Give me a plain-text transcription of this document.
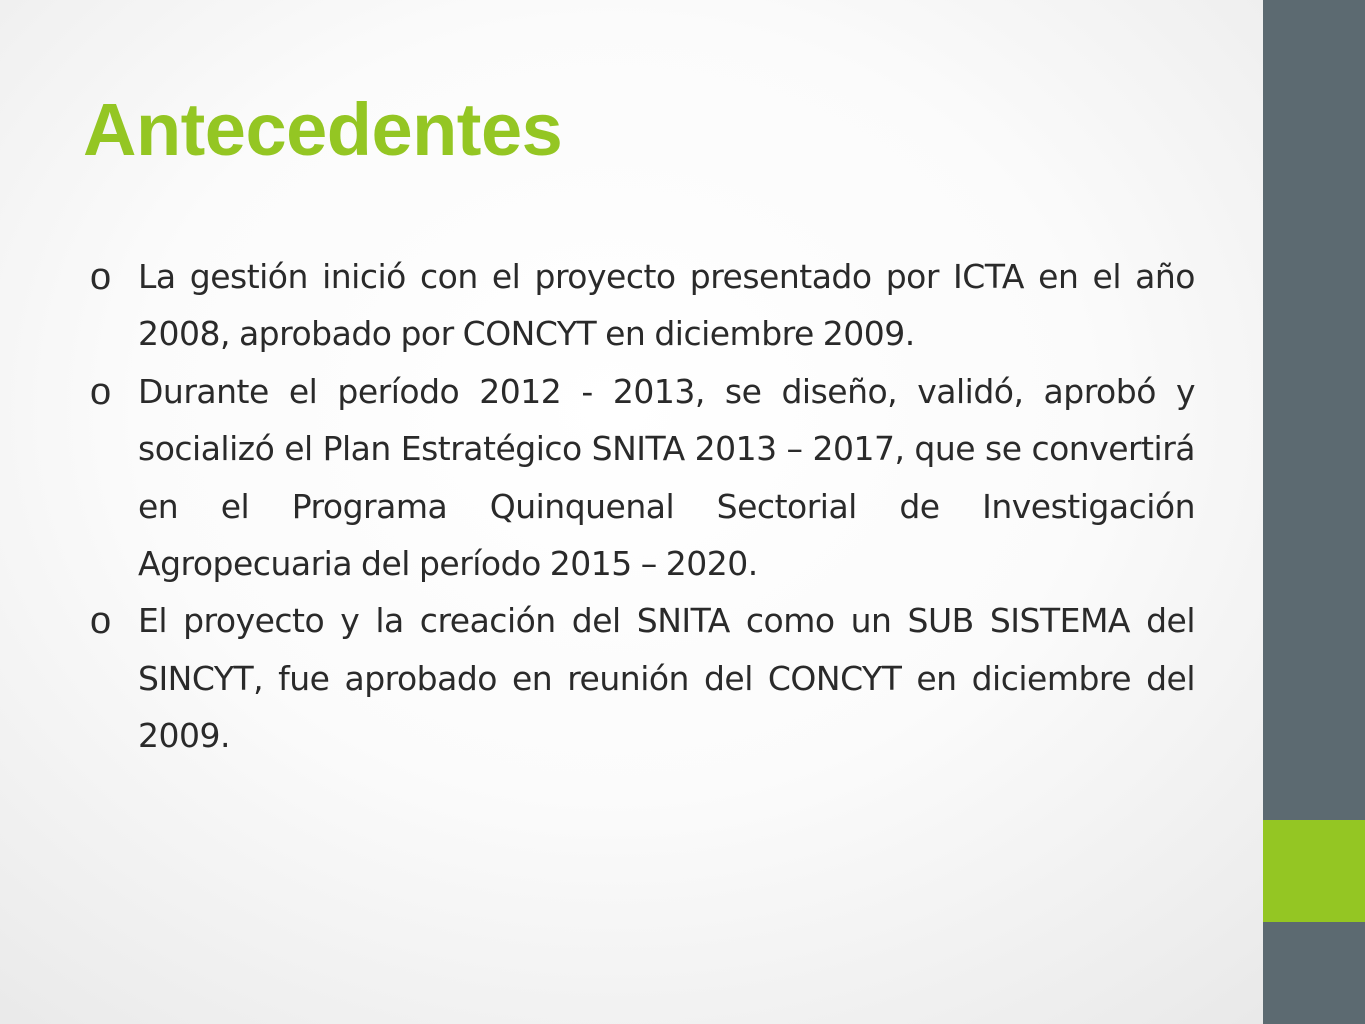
Antecedentes
o La gestión inició con el proyecto presentado por ICTA en el año 2008, aprobado por CONCYT en diciembre 2009.
o Durante el período 2012 - 2013, se diseño, validó, aprobó y socializó el Plan Estratégico SNITA 2013 – 2017, que se convertirá en el Programa Quinquenal Sectorial de Investigación Agropecuaria del período 2015 – 2020.
o El proyecto y la creación del SNITA como un SUB SISTEMA del SINCYT, fue aprobado en reunión del CONCYT en diciembre del 2009.
